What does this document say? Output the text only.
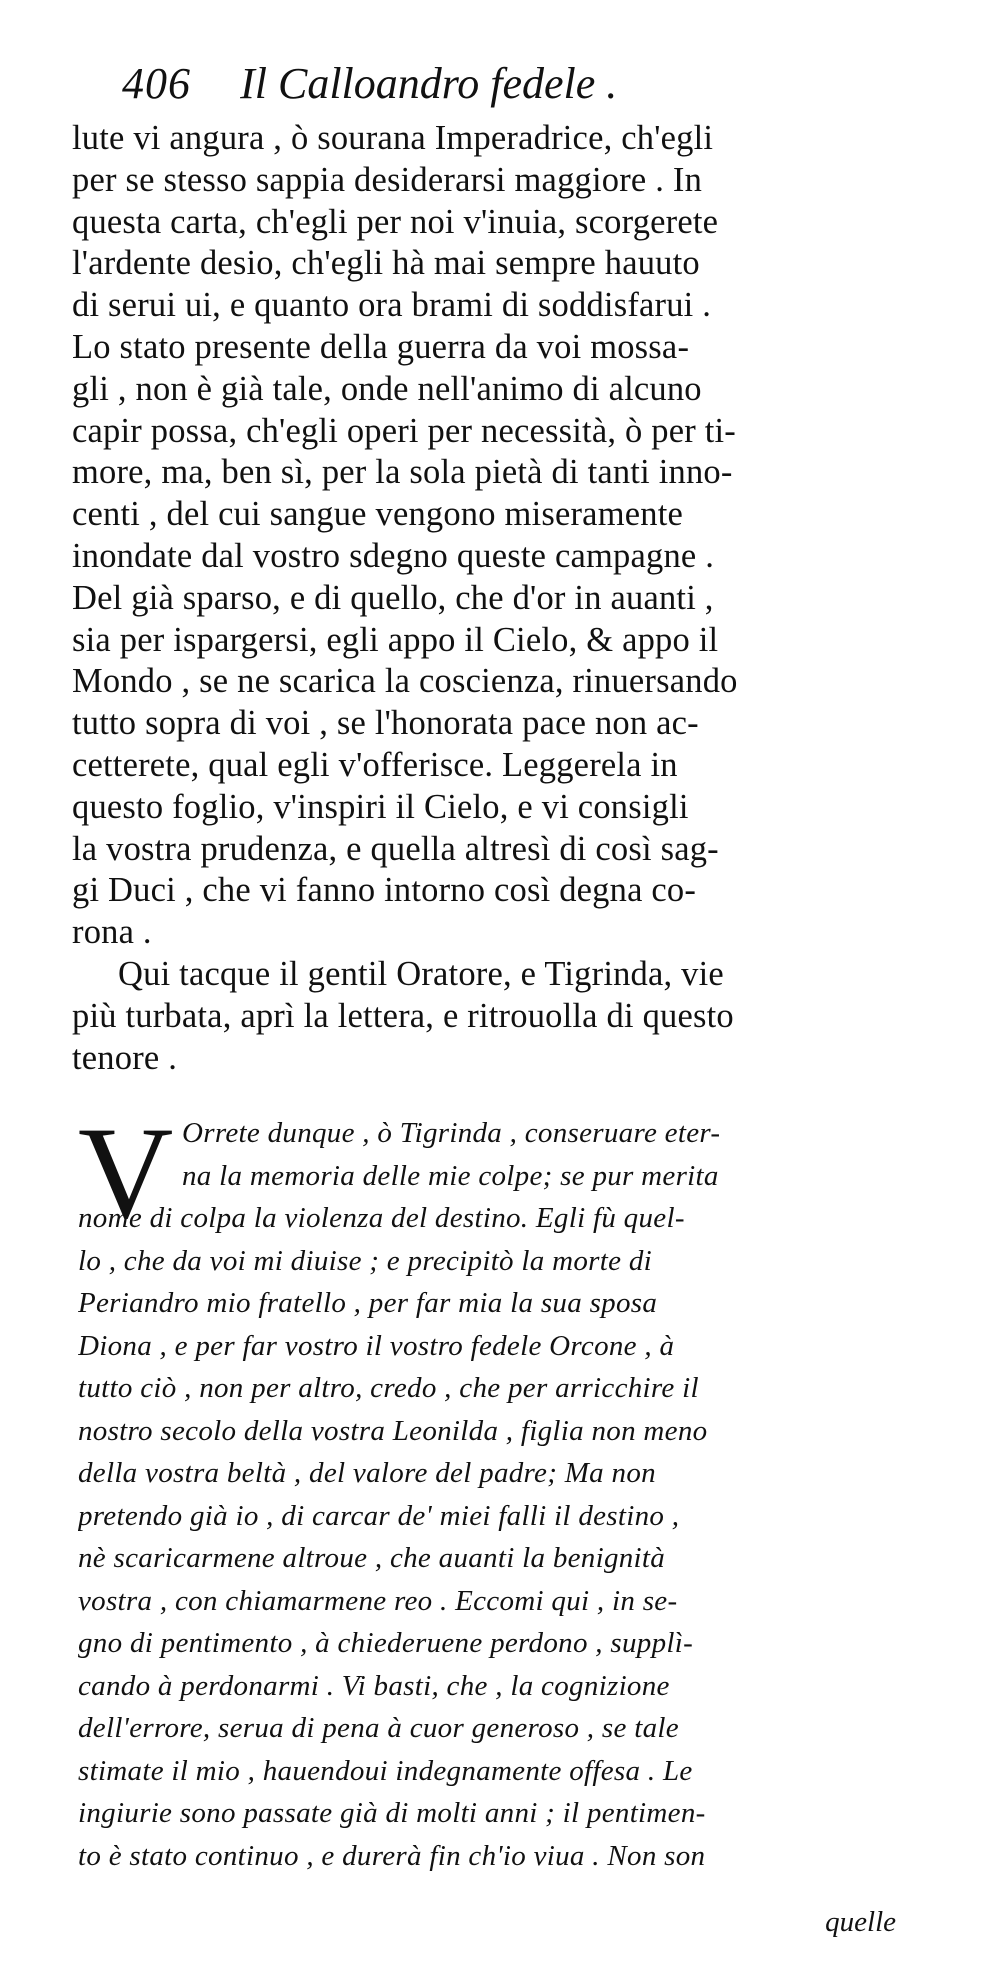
406 Il Calloandro fedele .
lute vi angura , ò sourana Imperadrice, ch'egli
per se stesso sappia desiderarsi maggiore . In
questa carta, ch'egli per noi v'inuia, scorgerete
l'ardente desio, ch'egli hà mai sempre hauuto
di serui ui, e quanto ora brami di soddisfarui .
Lo stato presente della guerra da voi mossa-
gli , non è già tale, onde nell'animo di alcuno
capir possa, ch'egli operi per necessità, ò per ti-
more, ma, ben sì, per la sola pietà di tanti inno-
centi , del cui sangue vengono miseramente
inondate dal vostro sdegno queste campagne .
Del già sparso, e di quello, che d'or in auanti ,
sia per ispargersi, egli appo il Cielo, & appo il
Mondo , se ne scarica la coscienza, rinuersando
tutto sopra di voi , se l'honorata pace non ac-
cetterete, qual egli v'offerisce. Leggerela in
questo foglio, v'inspiri il Cielo, e vi consigli
la vostra prudenza, e quella altresì di così sag-
gi Duci , che vi fanno intorno così degna co-
rona .
Qui tacque il gentil Oratore, e Tigrinda, vie
più turbata, aprì la lettera, e ritrouolla di questo
tenore .
V Orrete dunque , ò Tigrinda , conseruare eter-
na la memoria delle mie colpe; se pur merita
nome di colpa la violenza del destino. Egli fù quel-
lo , che da voi mi diuise ; e precipitò la morte di
Periandro mio fratello , per far mia la sua sposa
Diona , e per far vostro il vostro fedele Orcone , à
tutto ciò , non per altro, credo , che per arricchire il
nostro secolo della vostra Leonilda , figlia non meno
della vostra beltà , del valore del padre; Ma non
pretendo già io , di carcar de' miei falli il destino ,
nè scaricarmene altroue , che auanti la benignità
vostra , con chiamarmene reo . Eccomi qui , in se-
gno di pentimento , à chiederuene perdono , supplì-
cando à perdonarmi . Vi basti, che , la cognizione
dell'errore, serua di pena à cuor generoso , se tale
stimate il mio , hauendoui indegnamente offesa . Le
ingiurie sono passate già di molti anni ; il pentimen-
to è stato continuo , e durerà fin ch'io viua . Non son
quelle
